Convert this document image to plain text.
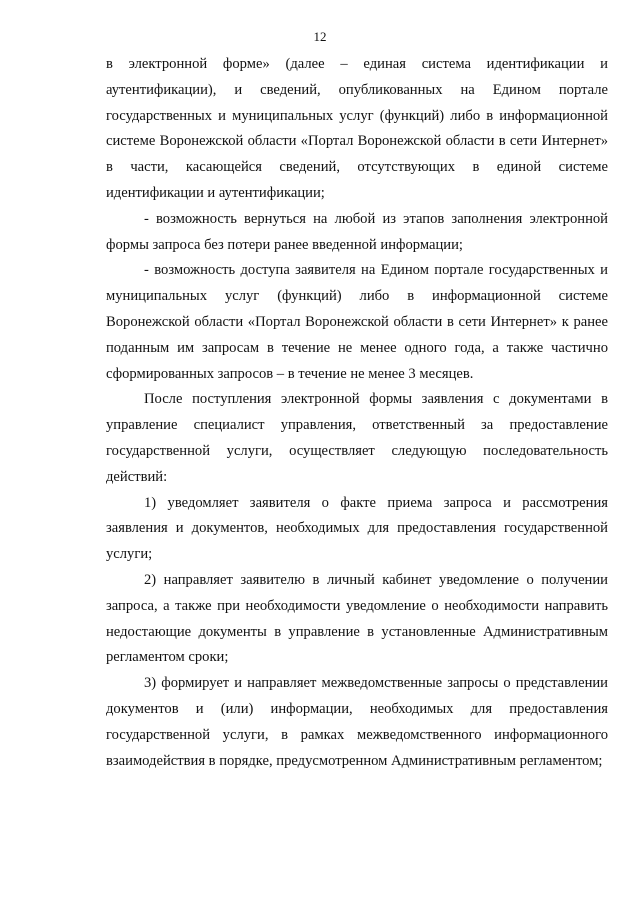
12

в электронной форме» (далее – единая система идентификации и аутентификации), и сведений, опубликованных на Едином портале государственных и муниципальных услуг (функций) либо в информационной системе Воронежской области «Портал Воронежской области в сети Интернет» в части, касающейся сведений, отсутствующих в единой системе идентификации и аутентификации;

- возможность вернуться на любой из этапов заполнения электронной формы запроса без потери ранее введенной информации;

- возможность доступа заявителя на Едином портале государственных и муниципальных услуг (функций) либо в информационной системе Воронежской области «Портал Воронежской области в сети Интернет» к ранее поданным им запросам в течение не менее одного года, а также частично сформированных запросов – в течение не менее 3 месяцев.

После поступления электронной формы заявления с документами в управление специалист управления, ответственный за предоставление государственной услуги, осуществляет следующую последовательность действий:

1) уведомляет заявителя о факте приема запроса и рассмотрения заявления и документов, необходимых для предоставления государственной услуги;

2) направляет заявителю в личный кабинет уведомление о получении запроса, а также при необходимости уведомление о необходимости направить недостающие документы в управление в установленные Административным регламентом сроки;

3) формирует и направляет межведомственные запросы о представлении документов и (или) информации, необходимых для предоставления государственной услуги, в рамках межведомственного информационного взаимодействия в порядке, предусмотренном Административным регламентом;
